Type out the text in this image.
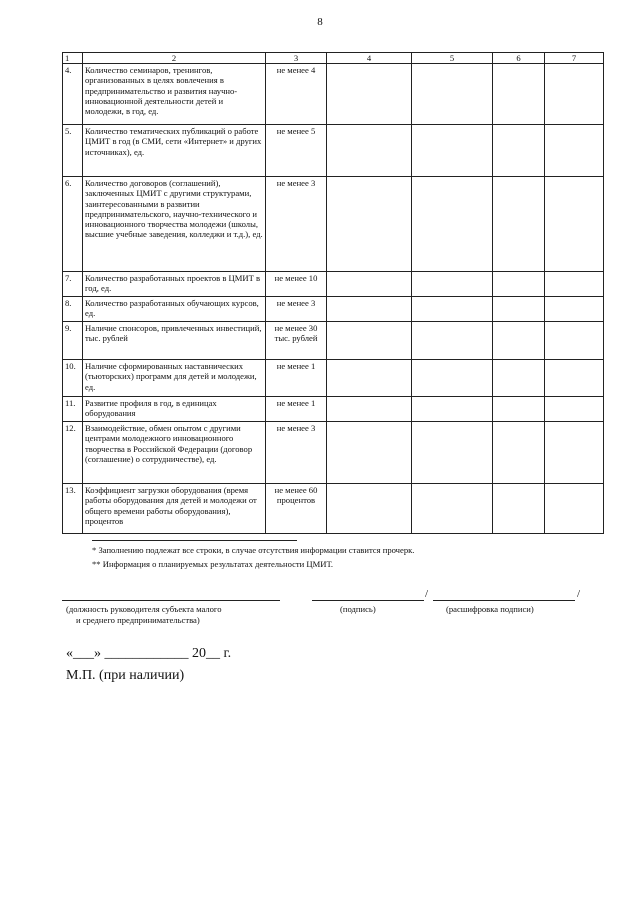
8
1	2	3	4	5	6	7
4.	Количество семинаров, тренингов, организованных в целях вовлечения в предпринимательство и развития научно-инновационной деятельности детей и молодежи, в год, ед.	не менее 4				
5.	Количество тематических публикаций о работе ЦМИТ в год (в СМИ, сети «Интернет» и других источниках), ед.	не менее 5				
6.	Количество договоров (соглашений), заключенных ЦМИТ с другими структурами, заинтересованными в развитии предпринимательского, научно-технического и инновационного творчества молодежи (школы, высшие учебные заведения, колледжи и т.д.), ед.	не менее 3				
7.	Количество разработанных проектов в ЦМИТ в год, ед.	не менее 10				
8.	Количество разработанных обучающих курсов, ед.	не менее 3				
9.	Наличие спонсоров, привлеченных инвестиций, тыс. рублей	не менее 30 тыс. рублей				
10.	Наличие сформированных наставнических (тьюторских) программ для детей и молодежи, ед.	не менее 1				
11.	Развитие профиля в год, в единицах оборудования	не менее 1				
12.	Взаимодействие, обмен опытом с другими центрами молодежного инновационного творчества в Российской Федерации (договор (соглашение) о сотрудничестве), ед.	не менее 3				
13.	Коэффициент загрузки оборудования (время работы оборудования для детей и молодежи от общего времени работы оборудования), процентов	не менее 60 процентов				
* Заполнению подлежат все строки, в случае отсутствия информации ставится прочерк.
** Информация о планируемых результатах деятельности ЦМИТ.
/	/
(должность руководителя субъекта малого
и среднего предпринимательства)
(подпись)	(расшифровка подписи)
«___» ____________ 20__ г.
М.П. (при наличии)
